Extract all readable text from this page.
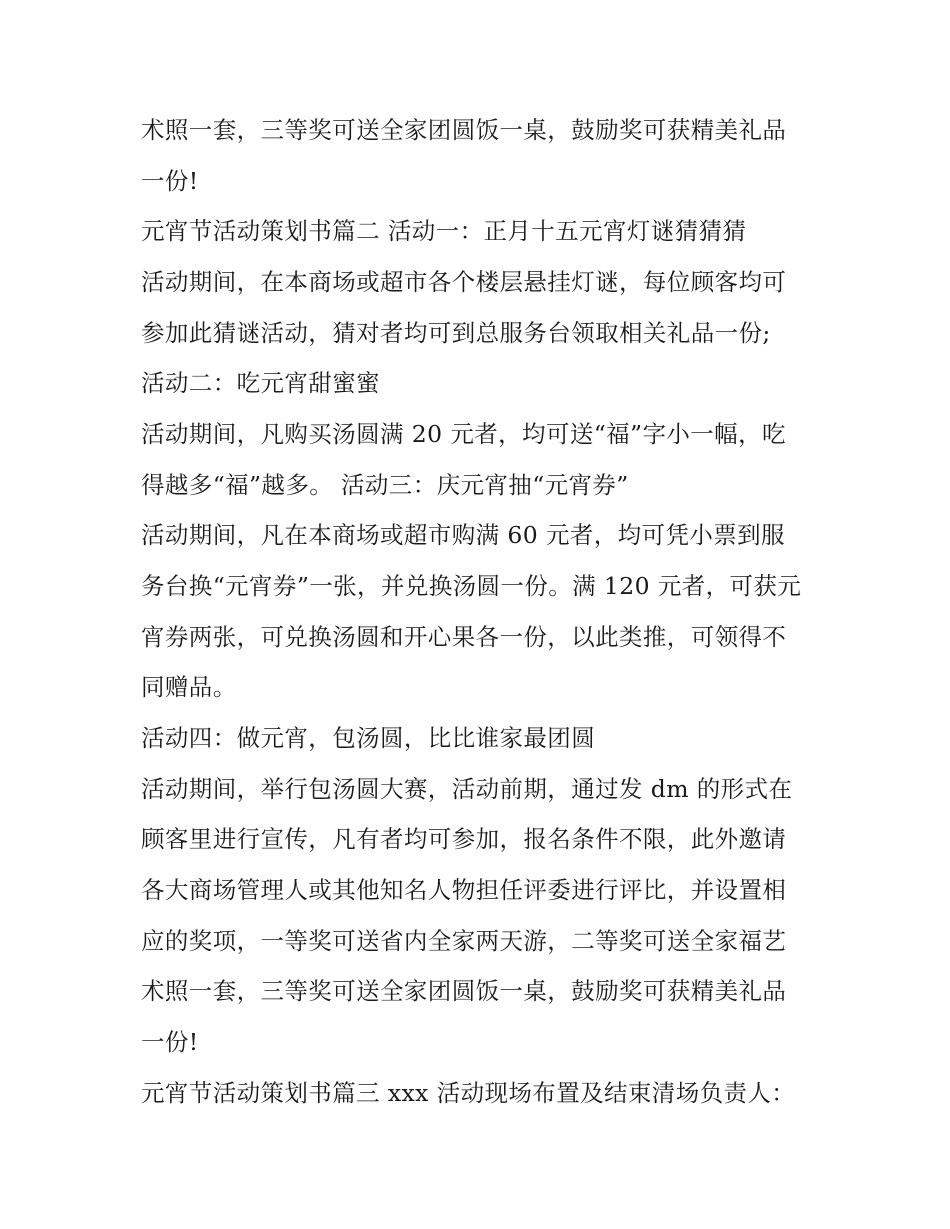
术照一套，三等奖可送全家团圆饭一桌，鼓励奖可获精美礼品
一份!
元宵节活动策划书篇二 活动一：正月十五元宵灯谜猜猜猜
活动期间，在本商场或超市各个楼层悬挂灯谜，每位顾客均可
参加此猜谜活动，猜对者均可到总服务台领取相关礼品一份;
活动二：吃元宵甜蜜蜜
活动期间，凡购买汤圆满 20 元者，均可送“福”字小一幅，吃
得越多“福”越多。 活动三：庆元宵抽“元宵券”
活动期间，凡在本商场或超市购满 60 元者，均可凭小票到服
务台换“元宵券”一张，并兑换汤圆一份。满 120 元者，可获元
宵券两张，可兑换汤圆和开心果各一份，以此类推，可领得不
同赠品。
活动四：做元宵，包汤圆，比比谁家最团圆
活动期间，举行包汤圆大赛，活动前期，通过发 dm 的形式在
顾客里进行宣传，凡有者均可参加，报名条件不限，此外邀请
各大商场管理人或其他知名人物担任评委进行评比，并设置相
应的奖项，一等奖可送省内全家两天游，二等奖可送全家福艺
术照一套，三等奖可送全家团圆饭一桌，鼓励奖可获精美礼品
一份!
元宵节活动策划书篇三 xxx 活动现场布置及结束清场负责人：
